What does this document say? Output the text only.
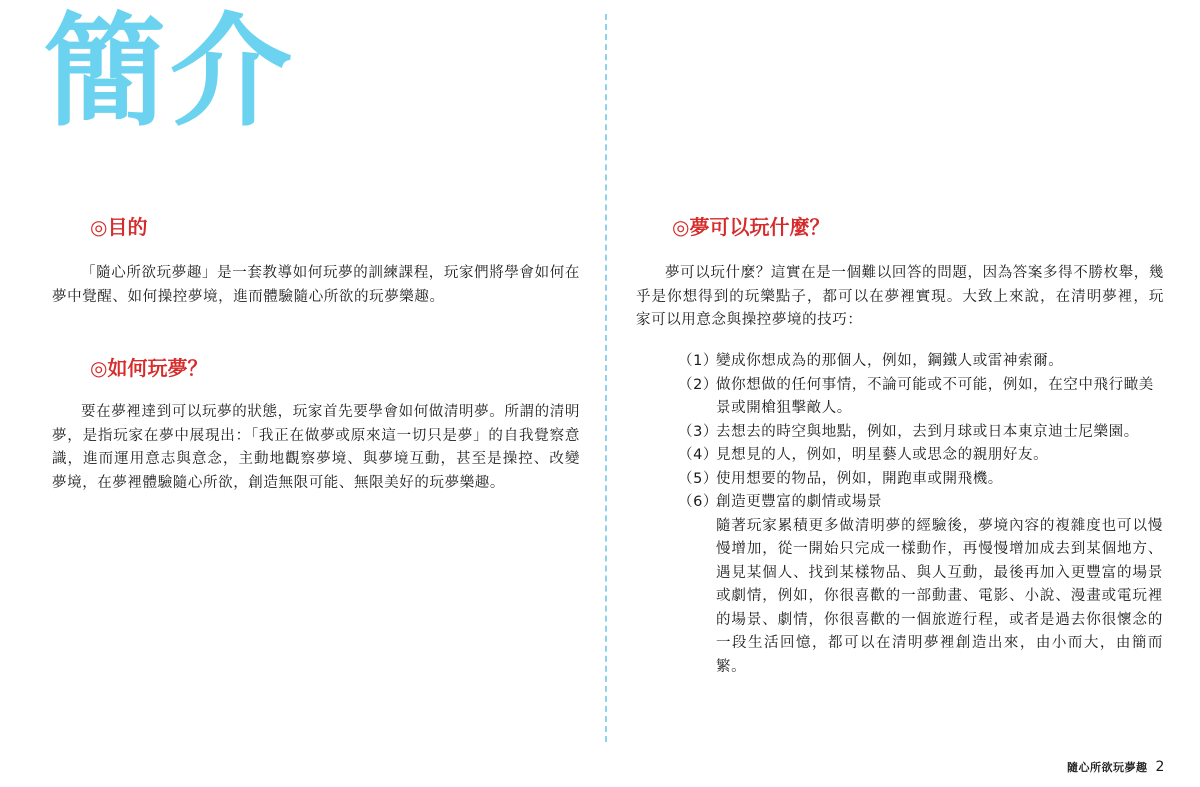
簡介
◎目的

「隨心所欲玩夢趣」是一套教導如何玩夢的訓練課程，玩家們將學會如何在夢中覺醒、如何操控夢境，進而體驗隨心所欲的玩夢樂趣。

◎如何玩夢？

要在夢裡達到可以玩夢的狀態，玩家首先要學會如何做清明夢。所謂的清明夢，是指玩家在夢中展現出：「我正在做夢或原來這一切只是夢」的自我覺察意識，進而運用意志與意念，主動地觀察夢境、與夢境互動，甚至是操控、改變夢境，在夢裡體驗隨心所欲，創造無限可能、無限美好的玩夢樂趣。

◎夢可以玩什麼？

夢可以玩什麼？這實在是一個難以回答的問題，因為答案多得不勝枚舉，幾乎是你想得到的玩樂點子，都可以在夢裡實現。大致上來說，在清明夢裡，玩家可以用意念與操控夢境的技巧：

（1）
變成你想成為的那個人，例如，鋼鐵人或雷神索爾。
（2）
做你想做的任何事情，不論可能或不可能，例如，在空中飛行瞰美景或開槍狙擊敵人。
（3）
去想去的時空與地點，例如，去到月球或日本東京迪士尼樂園。
（4）
見想見的人，例如，明星藝人或思念的親朋好友。
（5）
使用想要的物品，例如，開跑車或開飛機。
（6）
創造更豐富的劇情或場景
隨著玩家累積更多做清明夢的經驗後，夢境內容的複雜度也可以慢慢增加，從一開始只完成一樣動作，再慢慢增加成去到某個地方、遇見某個人、找到某樣物品、與人互動，最後再加入更豐富的場景或劇情，例如，你很喜歡的一部動畫、電影、小說、漫畫或電玩裡的場景、劇情，你很喜歡的一個旅遊行程，或者是過去你很懷念的一段生活回憶，都可以在清明夢裡創造出來，由小而大，由簡而繁。
隨心所欲玩夢趣 2
